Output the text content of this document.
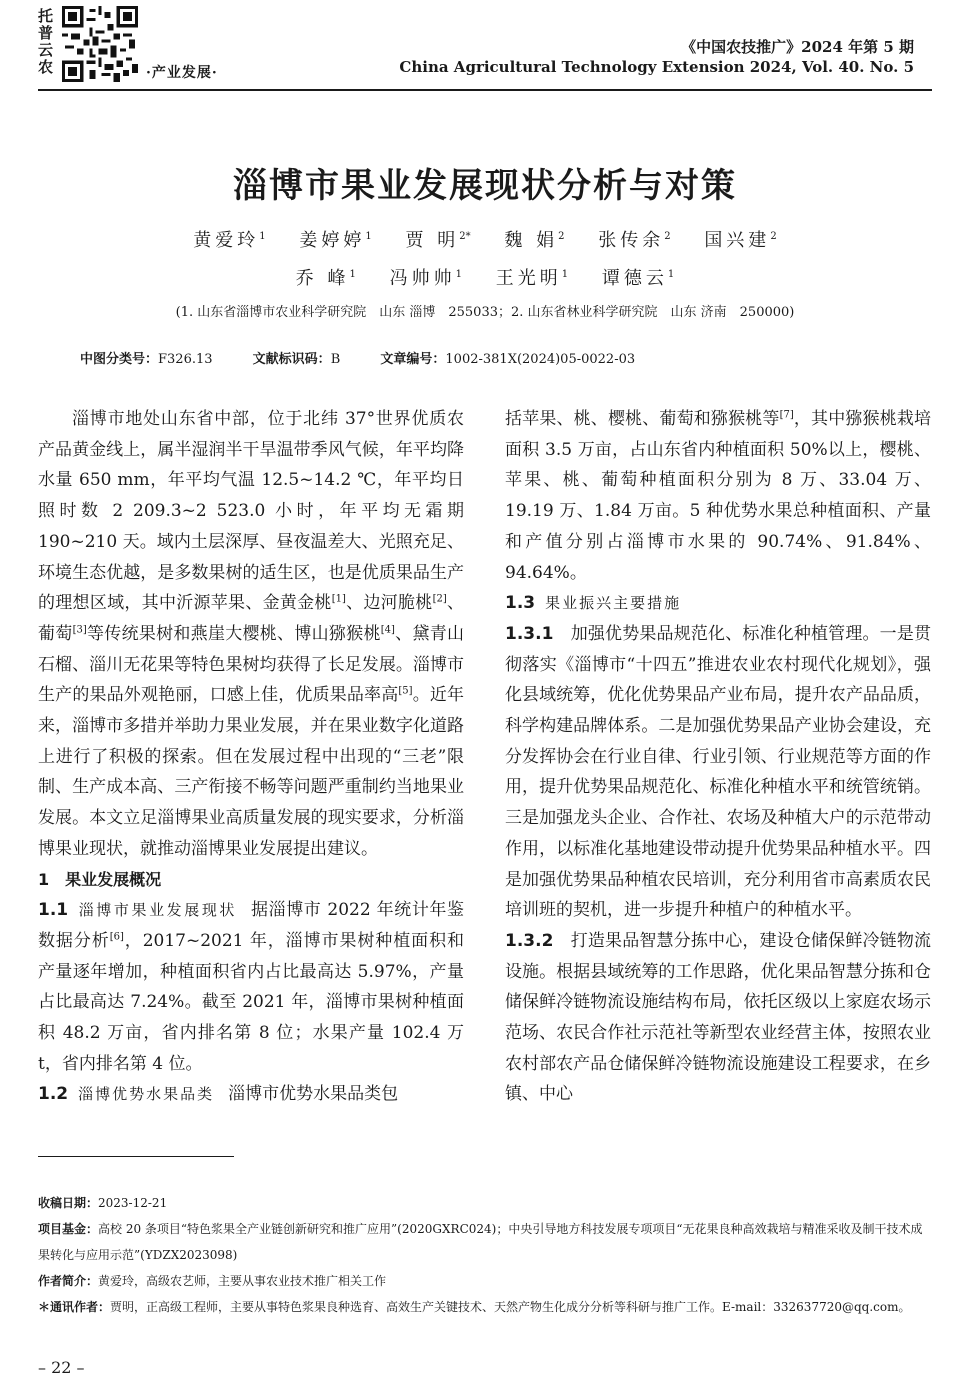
托
普
云
农	·产业发展·
《中国农技推广》2024 年第 5 期
China Agricultural Technology Extension 2024, Vol. 40. No. 5
淄博市果业发展现状分析与对策
黄爱玲$^1$ 姜婷婷$^1$ 贾 明$^{2*}$ 魏 娟$^2$ 张传余$^2$ 国兴建$^2$
乔 峰$^1$ 冯帅帅$^1$ 王光明$^1$ 谭德云$^1$
(1. 山东省淄博市农业科学研究院　山东 淄博　255033；2. 山东省林业科学研究院　山东 济南　250000)
中图分类号：F326.13	文献标识码：B	文章编号：1002-381X(2024)05-0022-03

淄博市地处山东省中部，位于北纬 37°世界优质农产品黄金线上，属半湿润半干旱温带季风气候，年平均降水量 650 mm，年平均气温 12.5~14.2 ℃，年平均日照时数 2 209.3~2 523.0 小时，年平均无霜期 190~210 天。域内土层深厚、昼夜温差大、光照充足、环境生态优越，是多数果树的适生区，也是优质果品生产的理想区域，其中沂源苹果、金黄金桃[1]、边河脆桃[2]、葡萄[3]等传统果树和燕崖大樱桃、博山猕猴桃[4]、黛青山石榴、淄川无花果等特色果树均获得了长足发展。淄博市生产的果品外观艳丽，口感上佳，优质果品率高[5]。近年来，淄博市多措并举助力果业发展，并在果业数字化道路上进行了积极的探索。但在发展过程中出现的“三老”限制、生产成本高、三产衔接不畅等问题严重制约当地果业发展。本文立足淄博果业高质量发展的现实要求，分析淄博果业现状，就推动淄博果业发展提出建议。

1　果业发展概况

1.1 淄博市果业发展现状 据淄博市 2022 年统计年鉴数据分析[6]，2017~2021 年，淄博市果树种植面积和产量逐年增加，种植面积省内占比最高达 5.97%，产量占比最高达 7.24%。截至 2021 年，淄博市果树种植面积 48.2 万亩，省内排名第 8 位；水果产量 102.4 万 t，省内排名第 4 位。

1.2 淄博优势水果品类 淄博市优势水果品类包

括苹果、桃、樱桃、葡萄和猕猴桃等[7]，其中猕猴桃栽培面积 3.5 万亩，占山东省内种植面积 50%以上，樱桃、苹果、桃、葡萄种植面积分别为 8 万、33.04 万、19.19 万、1.84 万亩。5 种优势水果总种植面积、产量和产值分别占淄博市水果的 90.74%、91.84%、94.64%。

1.3 果业振兴主要措施

1.3.1　 加强优势果品规范化、标准化种植管理。一是贯彻落实《淄博市“十四五”推进农业农村现代化规划》，强化县域统筹，优化优势果品产业布局，提升农产品品质，科学构建品牌体系。二是加强优势果品产业协会建设，充分发挥协会在行业自律、行业引领、行业规范等方面的作用，提升优势果品规范化、标准化种植水平和统管统销。三是加强龙头企业、合作社、农场及种植大户的示范带动作用，以标准化基地建设带动提升优势果品种植水平。四是加强优势果品种植农民培训，充分利用省市高素质农民培训班的契机，进一步提升种植户的种植水平。

1.3.2　 打造果品智慧分拣中心，建设仓储保鲜冷链物流设施。根据县域统筹的工作思路，优化果品智慧分拣和仓储保鲜冷链物流设施结构布局，依托区级以上家庭农场示范场、农民合作社示范社等新型农业经营主体，按照农业农村部农产品仓储保鲜冷链物流设施建设工程要求，在乡镇、中心

收稿日期：2023-12-21
项目基金：高校 20 条项目“特色浆果全产业链创新研究和推广应用”(2020GXRC024)；中央引导地方科技发展专项项目“无花果良种高效栽培与精准采收及制干技术成果转化与应用示范”(YDZX2023098)
作者简介：黄爱玲，高级农艺师，主要从事农业技术推广相关工作
＊通讯作者：贾明，正高级工程师，主要从事特色浆果良种选育、高效生产关键技术、天然产物生化成分分析等科研与推广工作。E-mail：332637720@qq.com。
– 22 –
